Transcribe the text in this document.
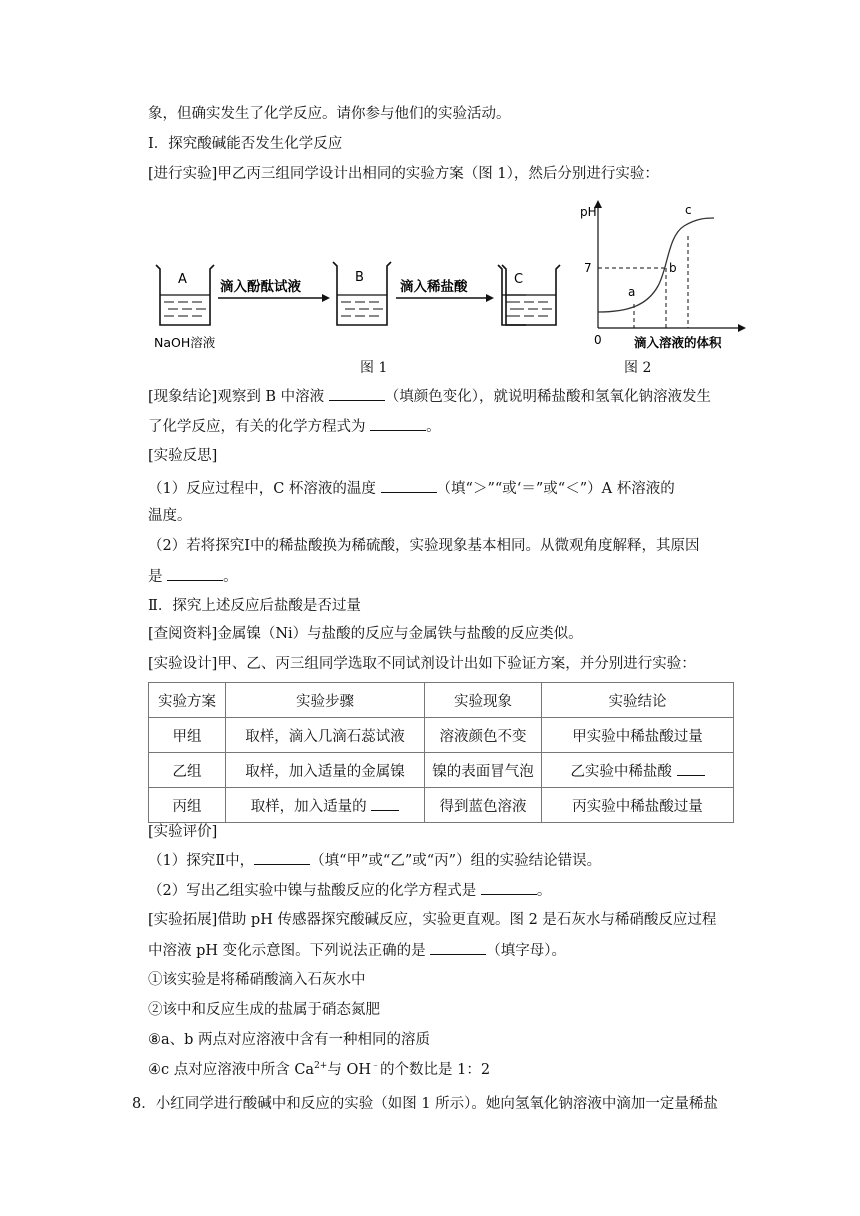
象，但确实发生了化学反应。请你参与他们的实验活动。
Ⅰ．探究酸碱能否发生化学反应
[进行实验]甲乙丙三组同学设计出相同的实验方案（图 1），然后分别进行实验：
A
NaOH溶液
滴入酚酞试液
B
滴入稀盐酸	C
图 1
pH
0
7
a
b
c
滴入溶液的体积
图 2
[现象结论]观察到 B 中溶液	（填颜色变化），就说明稀盐酸和氢氧化钠溶液发生
了化学反应，有关的化学方程式为	。
[实验反思]
（1）反应过程中，C 杯溶液的温度	（填“＞”“或‘＝”或“＜”）A 杯溶液的
温度。
（2）若将探究Ⅰ中的稀盐酸换为稀硫酸，实验现象基本相同。从微观角度解释，其原因
是	。
Ⅱ．探究上述反应后盐酸是否过量
[查阅资料]金属镍（Ni）与盐酸的反应与金属铁与盐酸的反应类似。
[实验设计]甲、乙、丙三组同学选取不同试剂设计出如下验证方案，并分别进行实验：
实验方案	实验步骤	实验现象	实验结论
甲组	取样，滴入几滴石蕊试液	溶液颜色不变	甲实验中稀盐酸过量
乙组	取样，加入适量的金属镍	镍的表面冒气泡	乙实验中稀盐酸
丙组	取样，加入适量的	得到蓝色溶液	丙实验中稀盐酸过量
[实验评价]
（1）探究Ⅱ中，	（填“甲”或“乙”或“丙”）组的实验结论错误。
（2）写出乙组实验中镍与盐酸反应的化学方程式是	。
[实验拓展]借助 pH 传感器探究酸碱反应，实验更直观。图 2 是石灰水与稀硝酸反应过程
中溶液 pH 变化示意图。下列说法正确的是	（填字母）。
①该实验是将稀硝酸滴入石灰水中
②该中和反应生成的盐属于硝态氮肥
⑧a、b 两点对应溶液中含有一种相同的溶质
④c 点对应溶液中所含 $Ca^{2+}$与 OH﹣的个数比是 1：2
8．小红同学进行酸碱中和反应的实验（如图 1 所示）。她向氢氧化钠溶液中滴加一定量稀盐
